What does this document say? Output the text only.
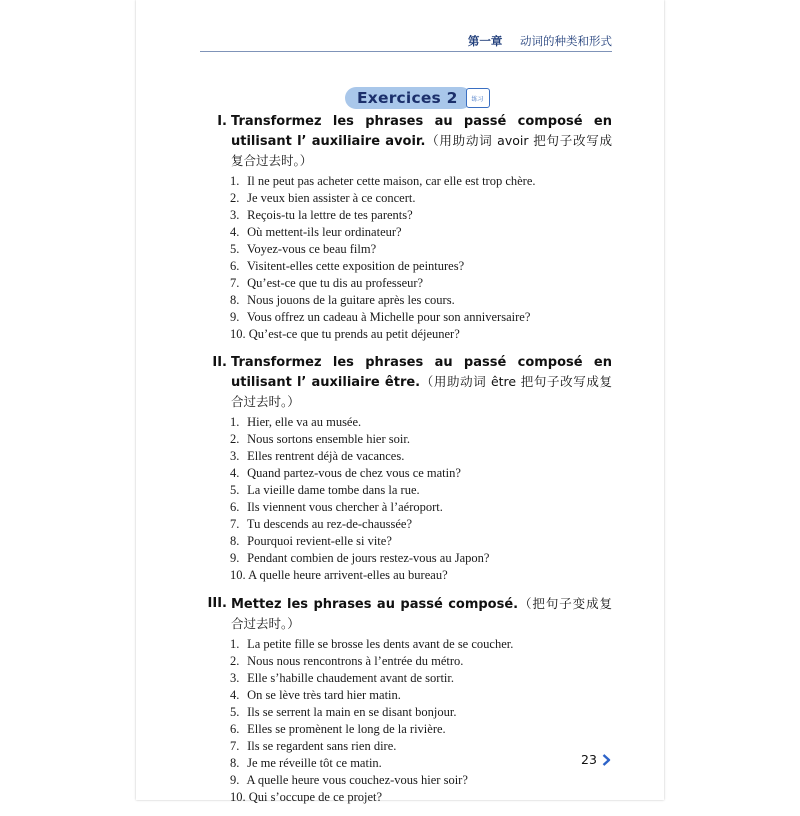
第一章 动词的种类和形式
Exercices 2	练习
I. Transformez les phrases au passé composé en utilisant l’ auxiliaire avoir.（用助动词 avoir 把句子改写成复合过去时。）
1. Il ne peut pas acheter cette maison, car elle est trop chère.
2. Je veux bien assister à ce concert.
3. Reçois-tu la lettre de tes parents?
4. Où mettent-ils leur ordinateur?
5. Voyez-vous ce beau film?
6. Visitent-elles cette exposition de peintures?
7. Qu’est-ce que tu dis au professeur?
8. Nous jouons de la guitare après les cours.
9. Vous offrez un cadeau à Michelle pour son anniversaire?
10. Qu’est-ce que tu prends au petit déjeuner?
II. Transformez les phrases au passé composé en utilisant l’ auxiliaire être.（用助动词 être 把句子改写成复合过去时。）
1. Hier, elle va au musée.
2. Nous sortons ensemble hier soir.
3. Elles rentrent déjà de vacances.
4. Quand partez-vous de chez vous ce matin?
5. La vieille dame tombe dans la rue.
6. Ils viennent vous chercher à l’aéroport.
7. Tu descends au rez-de-chaussée?
8. Pourquoi revient-elle si vite?
9. Pendant combien de jours restez-vous au Japon?
10. A quelle heure arrivent-elles au bureau?
III. Mettez les phrases au passé composé.（把句子变成复合过去时。）
1. La petite fille se brosse les dents avant de se coucher.
2. Nous nous rencontrons à l’entrée du métro.
3. Elle s’habille chaudement avant de sortir.
4. On se lève très tard hier matin.
5. Ils se serrent la main en se disant bonjour.
6. Elles se promènent le long de la rivière.
7. Ils se regardent sans rien dire.
8. Je me réveille tôt ce matin.
9. A quelle heure vous couchez-vous hier soir?
10. Qui s’occupe de ce projet?
23
